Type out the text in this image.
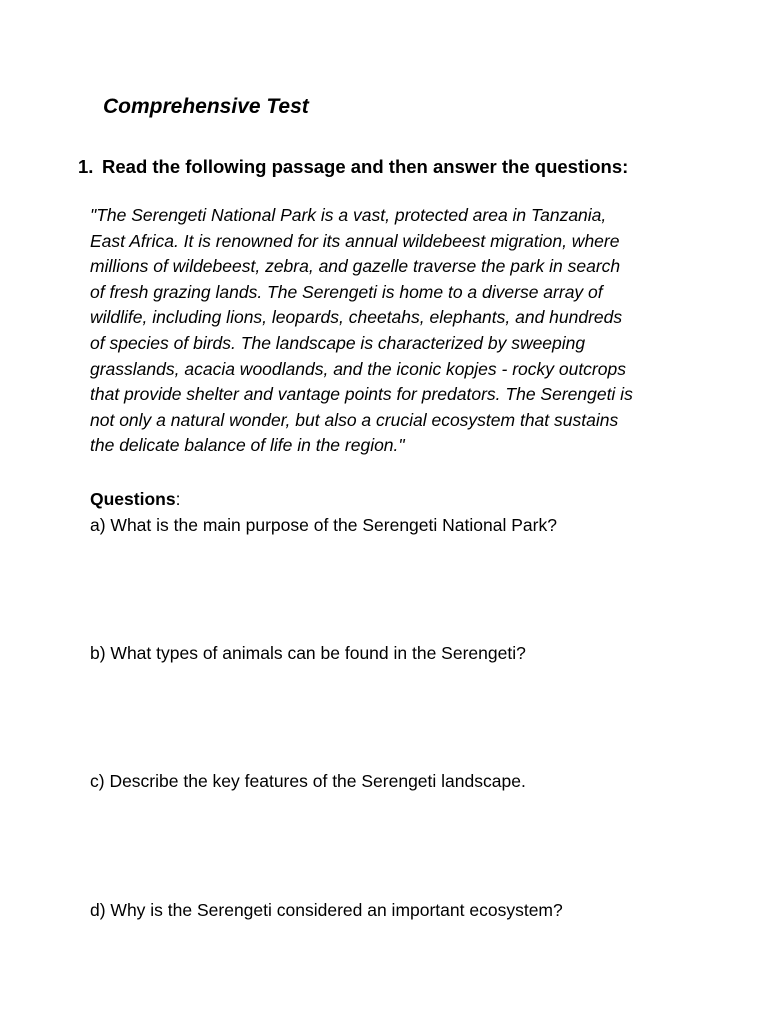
Comprehensive Test

1. Read the following passage and then answer the questions:

"The Serengeti National Park is a vast, protected area in Tanzania,
East Africa. It is renowned for its annual wildebeest migration, where
millions of wildebeest, zebra, and gazelle traverse the park in search
of fresh grazing lands. The Serengeti is home to a diverse array of
wildlife, including lions, leopards, cheetahs, elephants, and hundreds
of species of birds. The landscape is characterized by sweeping
grasslands, acacia woodlands, and the iconic kopjes - rocky outcrops
that provide shelter and vantage points for predators. The Serengeti is
not only a natural wonder, but also a crucial ecosystem that sustains
the delicate balance of life in the region."

Questions:

a) What is the main purpose of the Serengeti National Park?

b) What types of animals can be found in the Serengeti?

c) Describe the key features of the Serengeti landscape.

d) Why is the Serengeti considered an important ecosystem?
